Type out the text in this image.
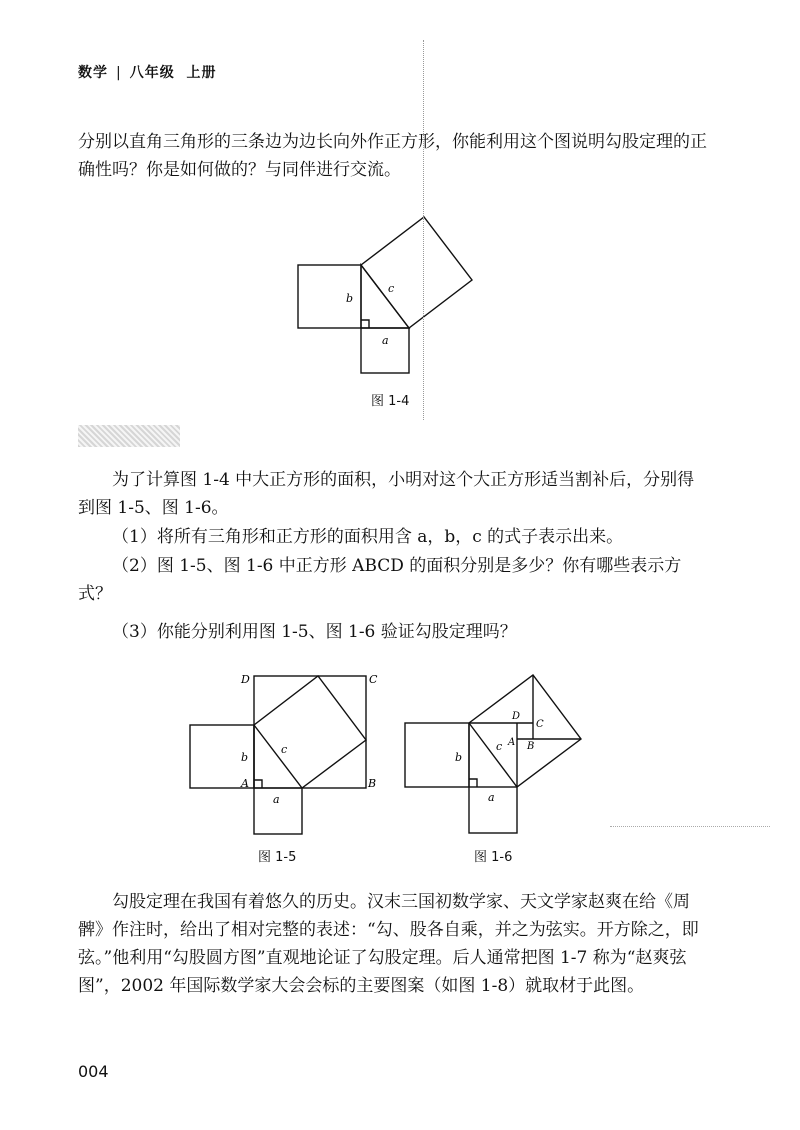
数学 | 八年级 上册

分别以直角三角形的三条边为边长向外作正方形，你能利用这个图说明勾股定理的正确性吗？你是如何做的？与同伴进行交流。

b
c
a
图 1-4

为了计算图 1-4 中大正方形的面积，小明对这个大正方形适当割补后，分别得到图 1-5、图 1-6。

（1）将所有三角形和正方形的面积用含 a，b，c 的式子表示出来。

（2）图 1-5、图 1-6 中正方形 ABCD 的面积分别是多少？你有哪些表示方式？

（3）你能分别利用图 1-5、图 1-6 验证勾股定理吗？

D	C
A	B
b
c
a
图 1-5
D
C
A B
b
c
a
图 1-6

勾股定理在我国有着悠久的历史。汉末三国初数学家、天文学家赵爽在给《周髀》作注时，给出了相对完整的表述：“勾、股各自乘，并之为弦实。开方除之，即弦。”他利用“勾股圆方图”直观地论证了勾股定理。后人通常把图 1-7 称为“赵爽弦图”，2002 年国际数学家大会会标的主要图案（如图 1-8）就取材于此图。

004
